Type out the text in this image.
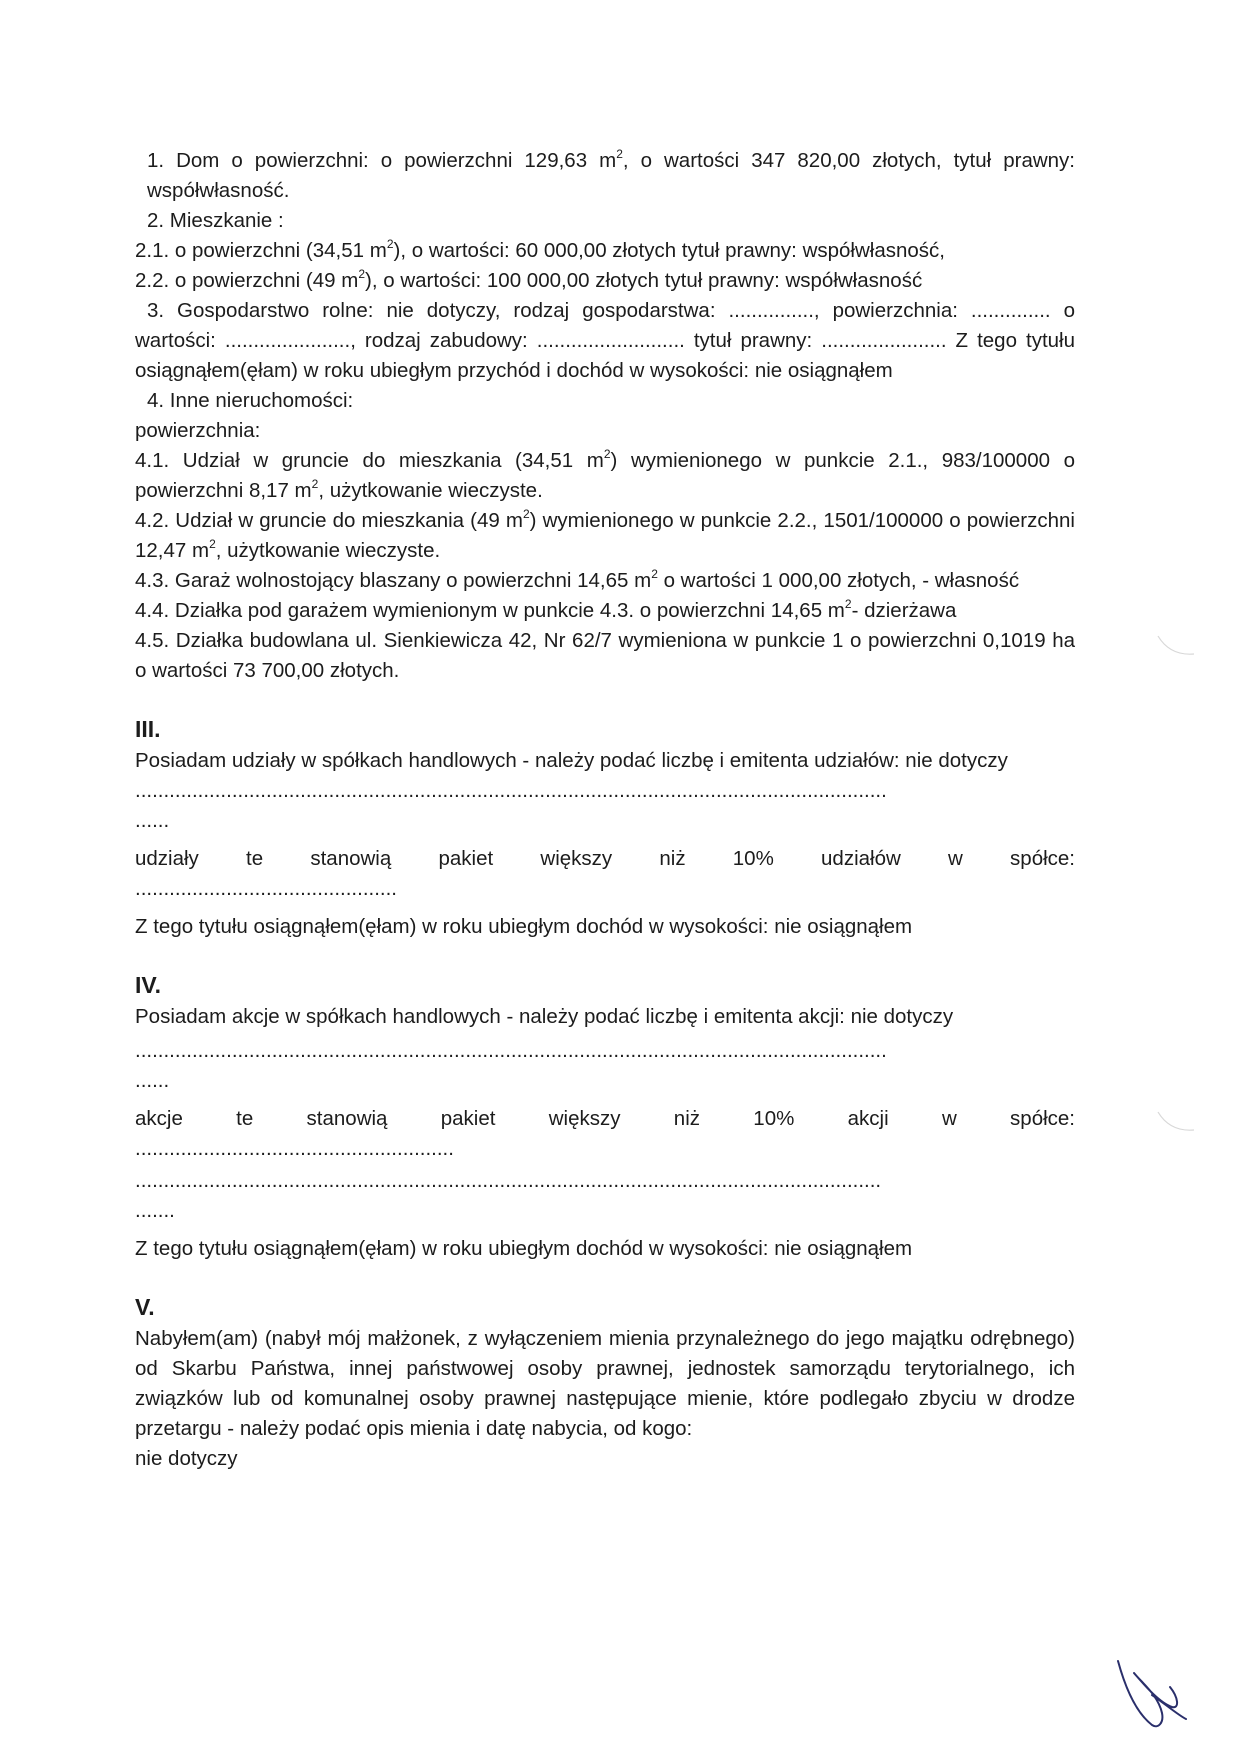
1. Dom o powierzchni: o powierzchni 129,63 $m^2$, o wartości 347 820,00 złotych, tytuł prawny: współwłasność.

2. Mieszkanie :

2.1. o powierzchni (34,51 $m^2$), o wartości: 60 000,00 złotych tytuł prawny: współwłasność,

2.2. o powierzchni (49 $m^2$), o wartości: 100 000,00 złotych tytuł prawny: współwłasność

3. Gospodarstwo rolne: nie dotyczy, rodzaj gospodarstwa: ..............., powierzchnia: .............. o wartości: ......................, rodzaj zabudowy: .......................... tytuł prawny: ...................... Z tego tytułu osiągnąłem(ęłam) w roku ubiegłym przychód i dochód w wysokości: nie osiągnąłem

4. Inne nieruchomości:

powierzchnia:

4.1. Udział w gruncie do mieszkania (34,51 $m^2$) wymienionego w punkcie 2.1., 983/100000 o powierzchni 8,17 $m^2$, użytkowanie wieczyste.

4.2. Udział w gruncie do mieszkania (49 $m^2$) wymienionego w punkcie 2.2., 1501/100000 o powierzchni 12,47 $m^2$, użytkowanie wieczyste.

4.3. Garaż wolnostojący blaszany o powierzchni 14,65 $m^2$ o wartości 1 000,00 złotych, - własność

4.4. Działka pod garażem wymienionym w punkcie 4.3. o powierzchni 14,65 $m^2-$ dzierżawa

4.5. Działka budowlana ul. Sienkiewicza 42, Nr 62/7 wymieniona w punkcie 1 o powierzchni 0,1019 ha o wartości 73 700,00 złotych.

III.

Posiadam udziały w spółkach handlowych - należy podać liczbę i emitenta udziałów: nie dotyczy

....................................................................................................................................

......

udziały te stanowią pakiet większy niż 10% udziałów w spółce:

..............................................

Z tego tytułu osiągnąłem(ęłam) w roku ubiegłym dochód w wysokości: nie osiągnąłem

IV.

Posiadam akcje w spółkach handlowych - należy podać liczbę i emitenta akcji: nie dotyczy

....................................................................................................................................

......

akcje te stanowią pakiet większy niż 10% akcji w spółce:

........................................................

...................................................................................................................................

.......

Z tego tytułu osiągnąłem(ęłam) w roku ubiegłym dochód w wysokości: nie osiągnąłem

V.

Nabyłem(am) (nabył mój małżonek, z wyłączeniem mienia przynależnego do jego majątku odrębnego) od Skarbu Państwa, innej państwowej osoby prawnej, jednostek samorządu terytorialnego, ich związków lub od komunalnej osoby prawnej następujące mienie, które podlegało zbyciu w drodze przetargu - należy podać opis mienia i datę nabycia, od kogo:

nie dotyczy
